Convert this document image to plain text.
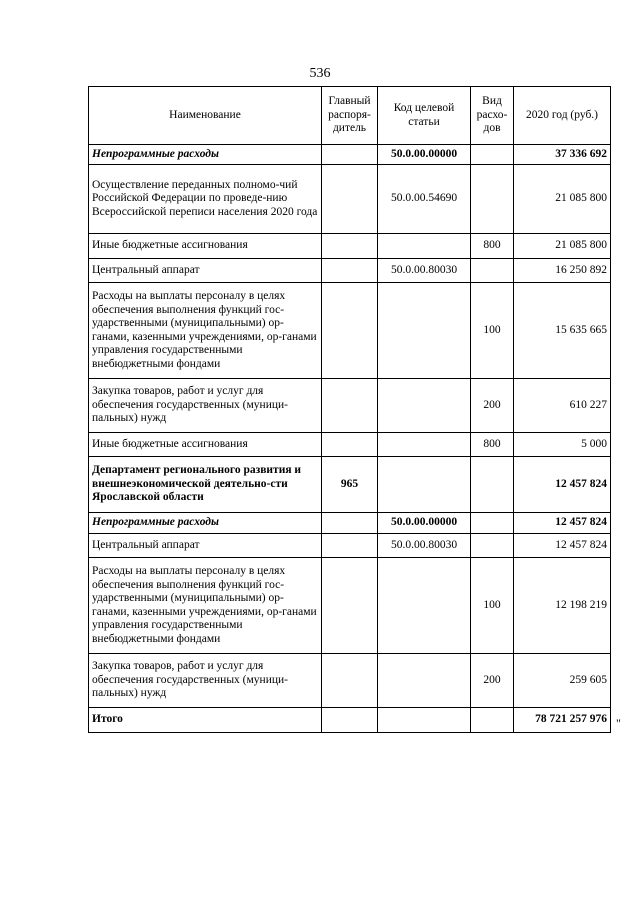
536
Наименование	Главный распоря-дитель	Код целевой статьи	Вид расхо-дов	2020 год (руб.)
Непрограммные расходы		50.0.00.00000		37 336 692
Осуществление переданных полномо-чий Российской Федерации по проведе-нию Всероссийской переписи населения 2020 года		50.0.00.54690		21 085 800
Иные бюджетные ассигнования			800	21 085 800
Центральный аппарат		50.0.00.80030		16 250 892
Расходы на выплаты персоналу в целях обеспечения выполнения функций гос-ударственными (муниципальными) ор-ганами, казенными учреждениями, ор-ганами управления государственными внебюджетными фондами			100	15 635 665
Закупка товаров, работ и услуг для обеспечения государственных (муници-пальных) нужд			200	610 227
Иные бюджетные ассигнования			800	5 000
Департамент регионального развития и внешнеэкономической деятельно-сти Ярославской области	965			12 457 824
Непрограммные расходы		50.0.00.00000		12 457 824
Центральный аппарат		50.0.00.80030		12 457 824
Расходы на выплаты персоналу в целях обеспечения выполнения функций гос-ударственными (муниципальными) ор-ганами, казенными учреждениями, ор-ганами управления государственными внебюджетными фондами			100	12 198 219
Закупка товаров, работ и услуг для обеспечения государственных (муници-пальных) нужд			200	259 605
Итого				78 721 257 976 "
